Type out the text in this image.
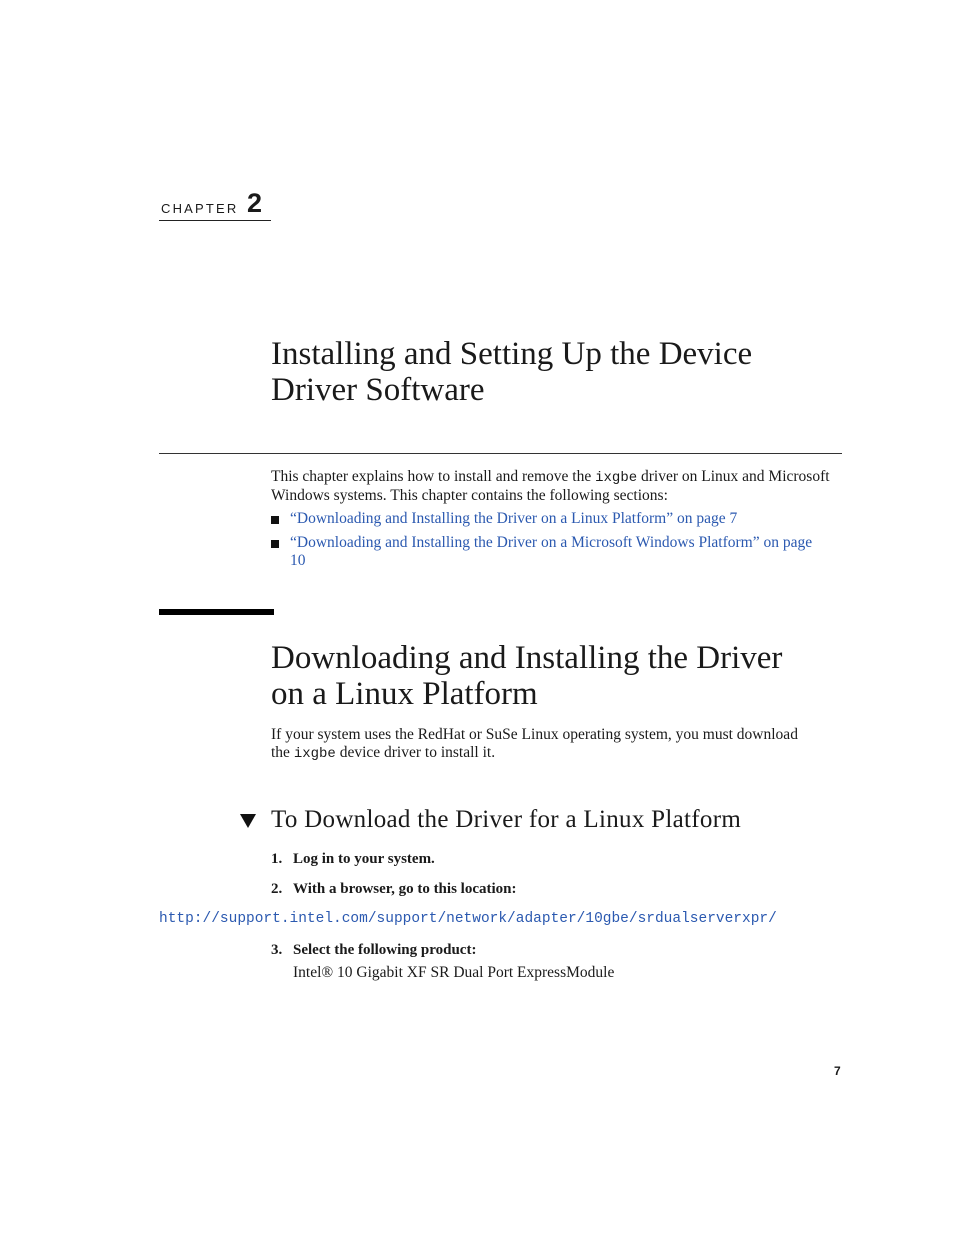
CHAPTER 2
Installing and Setting Up the Device
Driver Software
This chapter explains how to install and remove the ixgbe driver on Linux and Microsoft Windows systems. This chapter contains the following sections:
“Downloading and Installing the Driver on a Linux Platform” on page 7
“Downloading and Installing the Driver on a Microsoft Windows Platform” on page 10
Downloading and Installing the Driver
on a Linux Platform
If your system uses the RedHat or SuSe Linux operating system, you must download the ixgbe device driver to install it.
To Download the Driver for a Linux Platform
1. Log in to your system.
2. With a browser, go to this location:
http://support.intel.com/support/network/adapter/10gbe/srdualserverxpr/
3. Select the following product:
Intel® 10 Gigabit XF SR Dual Port ExpressModule
7
